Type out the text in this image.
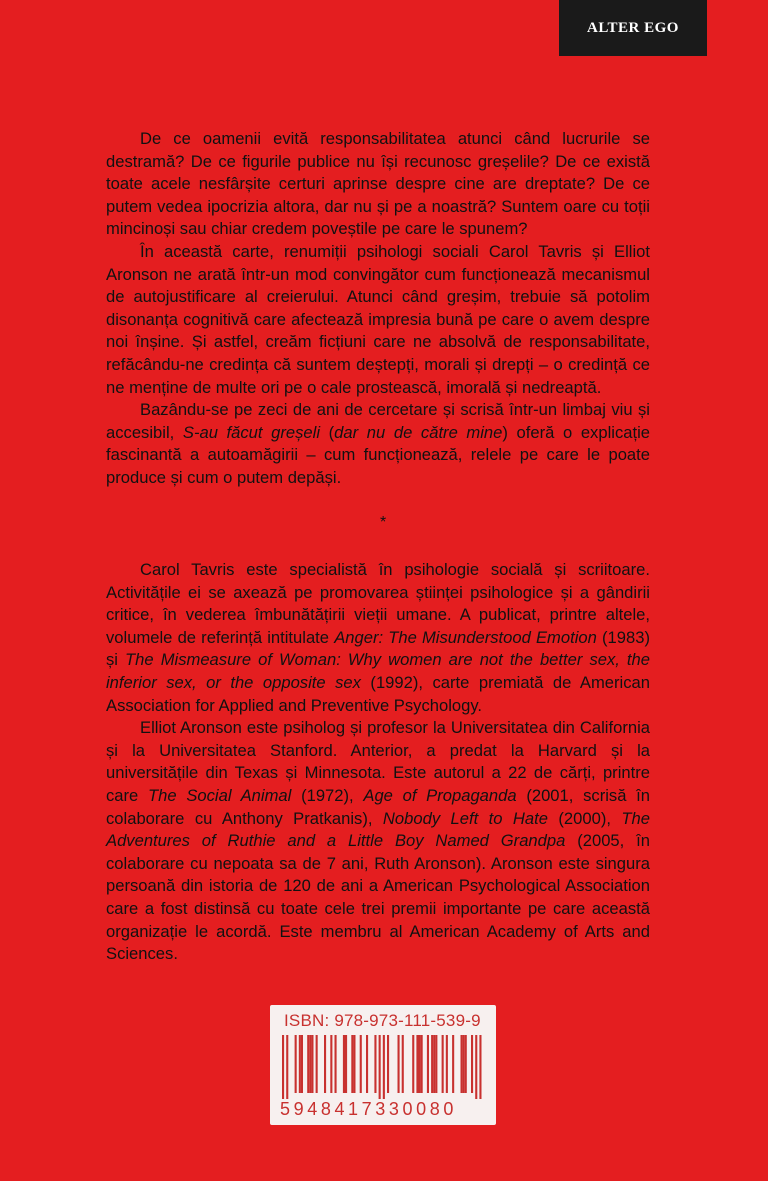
ALTER EGO

De ce oamenii evită responsabilitatea atunci când lucrurile se destramă? De ce figurile publice nu își recunosc greșelile? De ce există toate acele nesfârșite certuri aprinse despre cine are dreptate? De ce putem vedea ipocrizia altora, dar nu și pe a noastră? Suntem oare cu toții mincinoși sau chiar credem poveștile pe care le spunem?

În această carte, renumiții psihologi sociali Carol Tavris și Elliot Aronson ne arată într-un mod convingător cum funcționează mecanismul de autojustificare al creierului. Atunci când greșim, trebuie să potolim disonanța cognitivă care afectează impresia bună pe care o avem despre noi înșine. Și astfel, creăm ficțiuni care ne absolvă de responsabilitate, refăcându-ne credința că suntem deștepți, morali și drepți – o credință ce ne menține de multe ori pe o cale prostească, imorală și nedreaptă.

Bazându-se pe zeci de ani de cercetare și scrisă într-un limbaj viu și accesibil, S-au făcut greșeli (dar nu de către mine) oferă o explicație fascinantă a autoamăgirii – cum funcționează, relele pe care le poate produce și cum o putem depăși.

*

Carol Tavris este specialistă în psihologie socială și scriitoare. Activitățile ei se axează pe promovarea științei psihologice și a gândirii critice, în vederea îmbunătățirii vieții umane. A publicat, printre altele, volumele de referință intitulate Anger: The Misunderstood Emotion (1983) și The Mismeasure of Woman: Why women are not the better sex, the inferior sex, or the opposite sex (1992), carte premiată de American Association for Applied and Preventive Psychology.

Elliot Aronson este psiholog și profesor la Universitatea din California și la Universitatea Stanford. Anterior, a predat la Harvard și la universitățile din Texas și Minnesota. Este autorul a 22 de cărți, printre care The Social Animal (1972), Age of Propaganda (2001, scrisă în colaborare cu Anthony Pratkanis), Nobody Left to Hate (2000), The Adventures of Ruthie and a Little Boy Named Grandpa (2005, în colaborare cu nepoata sa de 7 ani, Ruth Aronson). Aronson este singura persoană din istoria de 120 de ani a American Psychological Association care a fost distinsă cu toate cele trei premii importante pe care această organizație le acordă. Este membru al American Academy of Arts and Sciences.

ISBN: 978-973-111-539-9
5948417330080
